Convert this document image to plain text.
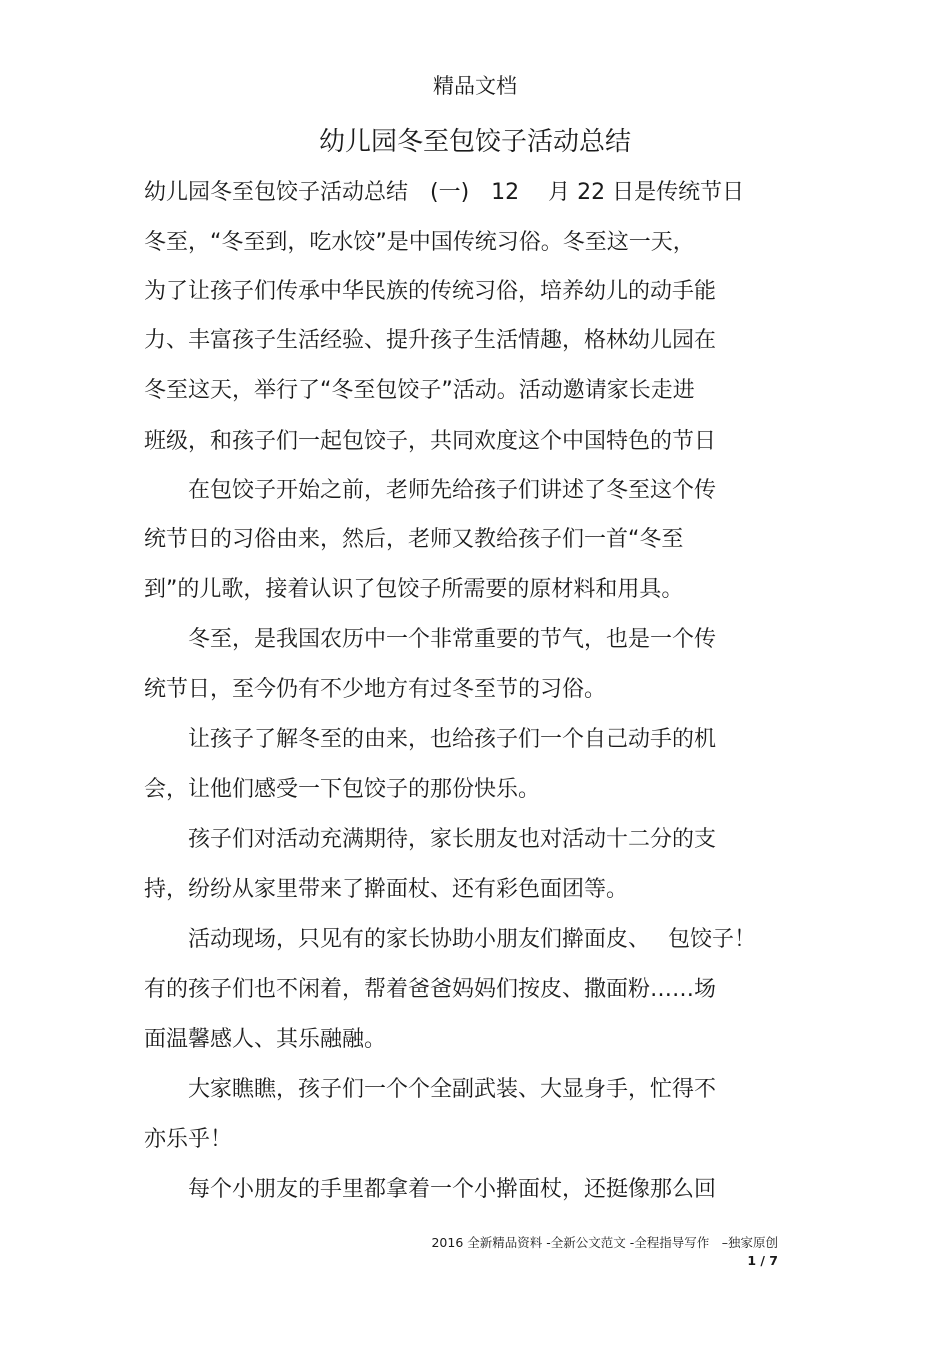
精品文档
幼儿园冬至包饺子活动总结
幼儿园冬至包饺子活动总结　(一)　12　 月 22 日是传统节日
冬至，“冬至到，吃水饺”是中国传统习俗。冬至这一天，
为了让孩子们传承中华民族的传统习俗，培养幼儿的动手能
力、丰富孩子生活经验、提升孩子生活情趣，格林幼儿园在
冬至这天，举行了“冬至包饺子”活动。活动邀请家长走进
班级，和孩子们一起包饺子，共同欢度这个中国特色的节日
　　在包饺子开始之前，老师先给孩子们讲述了冬至这个传
统节日的习俗由来，然后，老师又教给孩子们一首“冬至
到”的儿歌，接着认识了包饺子所需要的原材料和用具。
　　冬至，是我国农历中一个非常重要的节气，也是一个传
统节日，至今仍有不少地方有过冬至节的习俗。
　　让孩子了解冬至的由来，也给孩子们一个自己动手的机
会，让他们感受一下包饺子的那份快乐。
　　孩子们对活动充满期待，家长朋友也对活动十二分的支
持，纷纷从家里带来了擀面杖、还有彩色面团等。
　　活动现场，只见有的家长协助小朋友们擀面皮、　 包饺子！
有的孩子们也不闲着，帮着爸爸妈妈们按皮、撒面粉……场
面温馨感人、其乐融融。
　　大家瞧瞧，孩子们一个个全副武装、大显身手，忙得不
亦乐乎！
　　每个小朋友的手里都拿着一个小擀面杖，还挺像那么回
2016 全新精品资料 -全新公文范文 -全程指导写作　–独家原创
1 / 7
